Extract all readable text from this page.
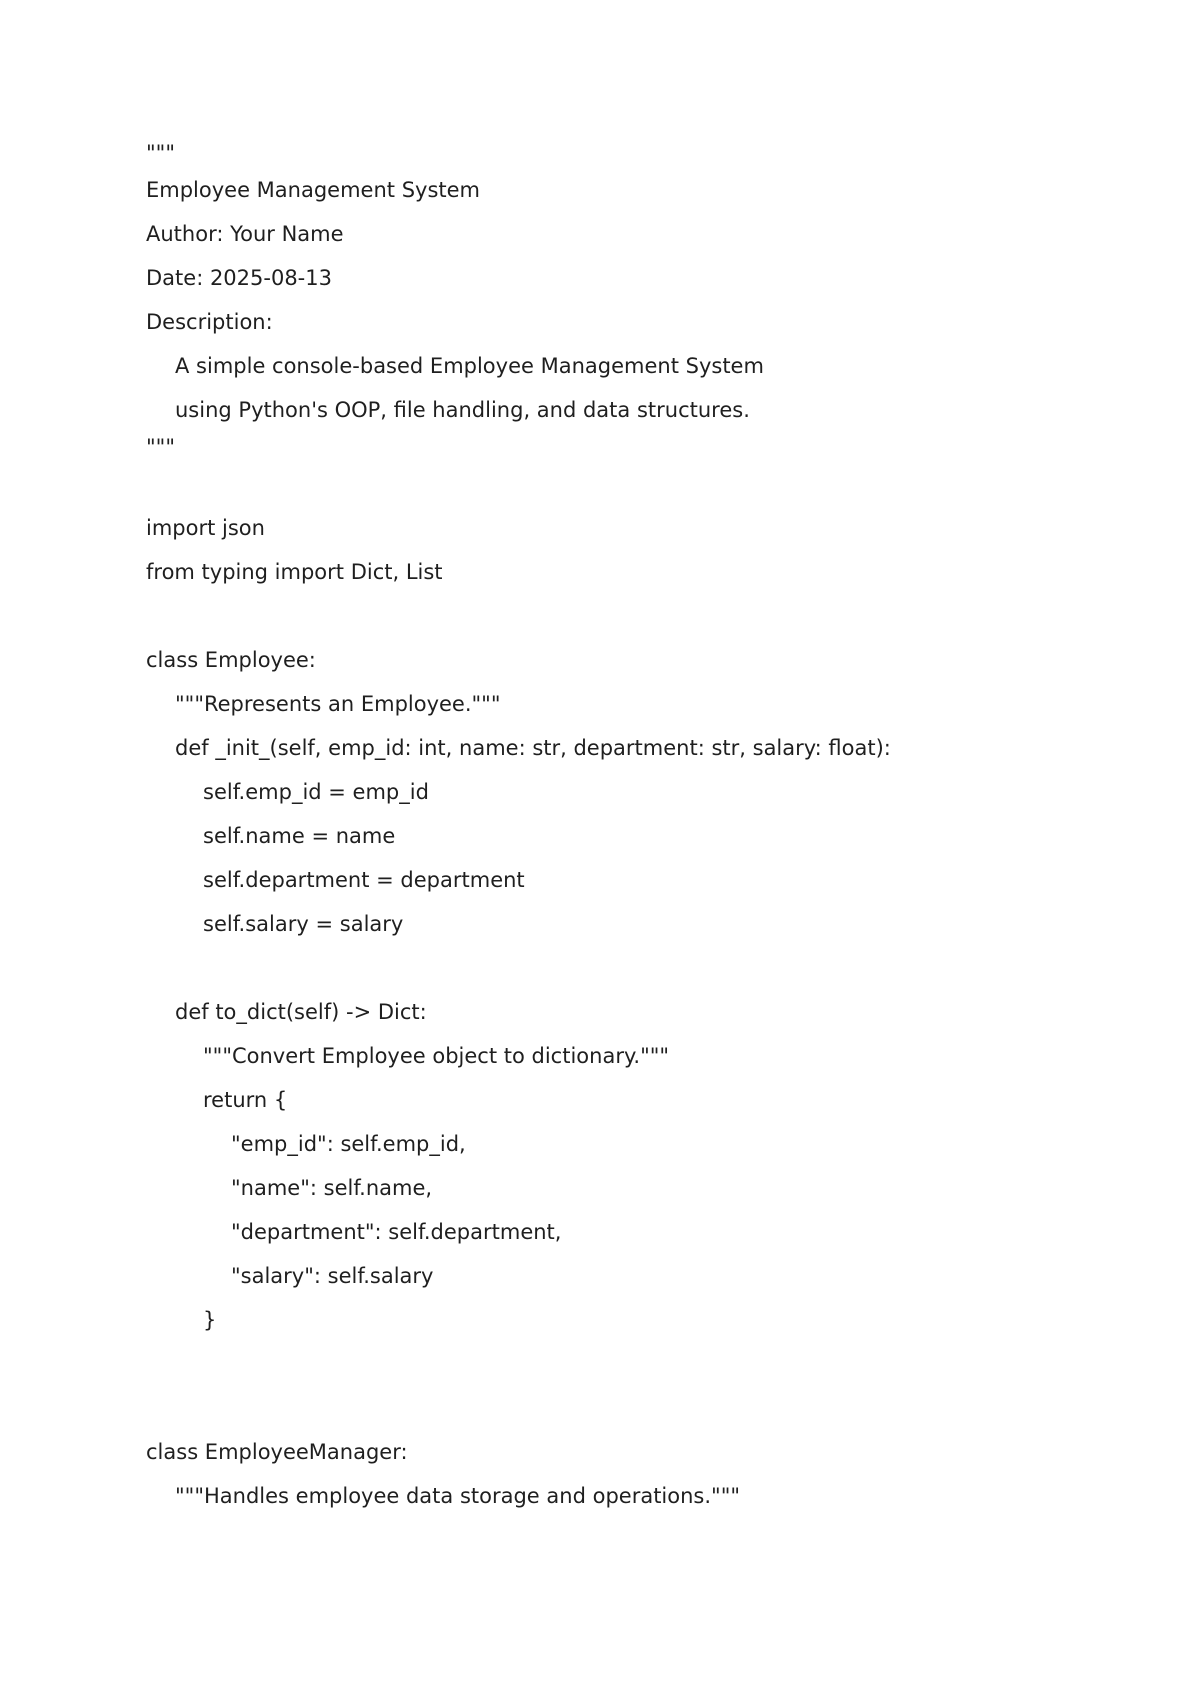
"""
Employee Management System
Author: Your Name
Date: 2025-08-13
Description:
A simple console-based Employee Management System
using Python's OOP, file handling, and data structures.
"""
import json
from typing import Dict, List
class Employee:
"""Represents an Employee."""
def _init_(self, emp_id: int, name: str, department: str, salary: float):
self.emp_id = emp_id
self.name = name
self.department = department
self.salary = salary
def to_dict(self) -> Dict:
"""Convert Employee object to dictionary."""
return {
"emp_id": self.emp_id,
"name": self.name,
"department": self.department,
"salary": self.salary
}
class EmployeeManager:
"""Handles employee data storage and operations."""
